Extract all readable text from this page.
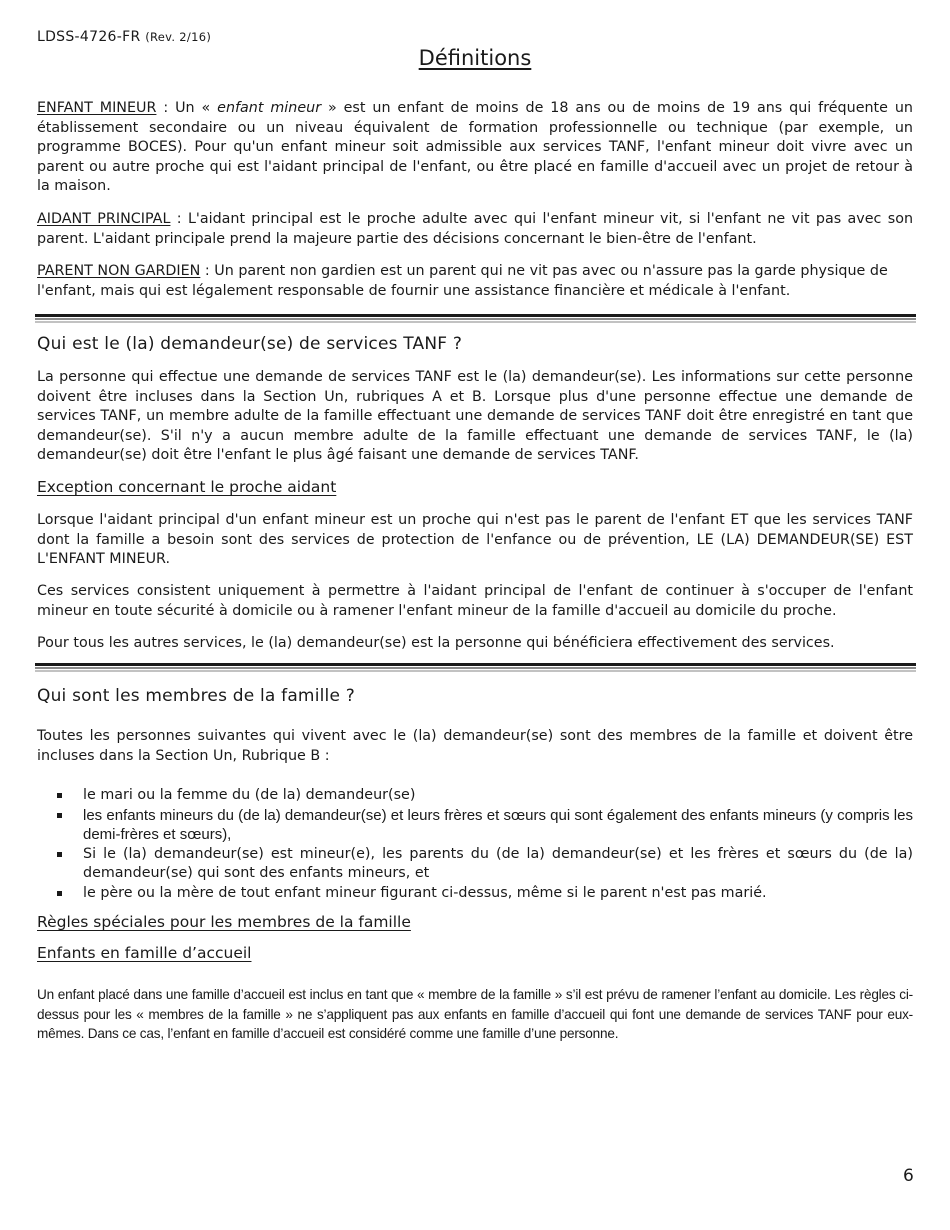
LDSS-4726-FR (Rev. 2/16)
Définitions

ENFANT MINEUR : Un « enfant mineur » est un enfant de moins de 18 ans ou de moins de 19 ans qui fréquente un établissement secondaire ou un niveau équivalent de formation professionnelle ou technique (par exemple, un programme BOCES). Pour qu'un enfant mineur soit admissible aux services TANF, l'enfant mineur doit vivre avec un parent ou autre proche qui est l'aidant principal de l'enfant, ou être placé en famille d'accueil avec un projet de retour à la maison.

AIDANT PRINCIPAL : L'aidant principal est le proche adulte avec qui l'enfant mineur vit, si l'enfant ne vit pas avec son parent. L'aidant principale prend la majeure partie des décisions concernant le bien-être de l'enfant.

PARENT NON GARDIEN : Un parent non gardien est un parent qui ne vit pas avec ou n'assure pas la garde physique de l'enfant, mais qui est légalement responsable de fournir une assistance financière et médicale à l'enfant.

Qui est le (la) demandeur(se) de services TANF ?

La personne qui effectue une demande de services TANF est le (la) demandeur(se). Les informations sur cette personne doivent être incluses dans la Section Un, rubriques A et B. Lorsque plus d'une personne effectue une demande de services TANF, un membre adulte de la famille effectuant une demande de services TANF doit être enregistré en tant que demandeur(se). S'il n'y a aucun membre adulte de la famille effectuant une demande de services TANF, le (la) demandeur(se) doit être l'enfant le plus âgé faisant une demande de services TANF.

Exception concernant le proche aidant

Lorsque l'aidant principal d'un enfant mineur est un proche qui n'est pas le parent de l'enfant ET que les services TANF dont la famille a besoin sont des services de protection de l'enfance ou de prévention, LE (LA) DEMANDEUR(SE) EST L'ENFANT MINEUR.

Ces services consistent uniquement à permettre à l'aidant principal de l'enfant de continuer à s'occuper de l'enfant mineur en toute sécurité à domicile ou à ramener l'enfant mineur de la famille d'accueil au domicile du proche.

Pour tous les autres services, le (la) demandeur(se) est la personne qui bénéficiera effectivement des services.

Qui sont les membres de la famille ?

Toutes les personnes suivantes qui vivent avec le (la) demandeur(se) sont des membres de la famille et doivent être incluses dans la Section Un, Rubrique B :

le mari ou la femme du (de la) demandeur(se)
les enfants mineurs du (de la) demandeur(se) et leurs frères et sœurs qui sont également des enfants mineurs (y compris les demi-frères et sœurs),
Si le (la) demandeur(se) est mineur(e), les parents du (de la) demandeur(se) et les frères et sœurs du (de la) demandeur(se) qui sont des enfants mineurs, et
le père ou la mère de tout enfant mineur figurant ci-dessus, même si le parent n'est pas marié.
Règles spéciales pour les membres de la famille
Enfants en famille d’accueil
Un enfant placé dans une famille d’accueil est inclus en tant que « membre de la famille » s’il est prévu de ramener l’enfant au domicile. Les règles ci-dessus pour les « membres de la famille » ne s’appliquent pas aux enfants en famille d’accueil qui font une demande de services TANF pour eux-mêmes. Dans ce cas, l’enfant en famille d’accueil est considéré comme une famille d’une personne.
6
